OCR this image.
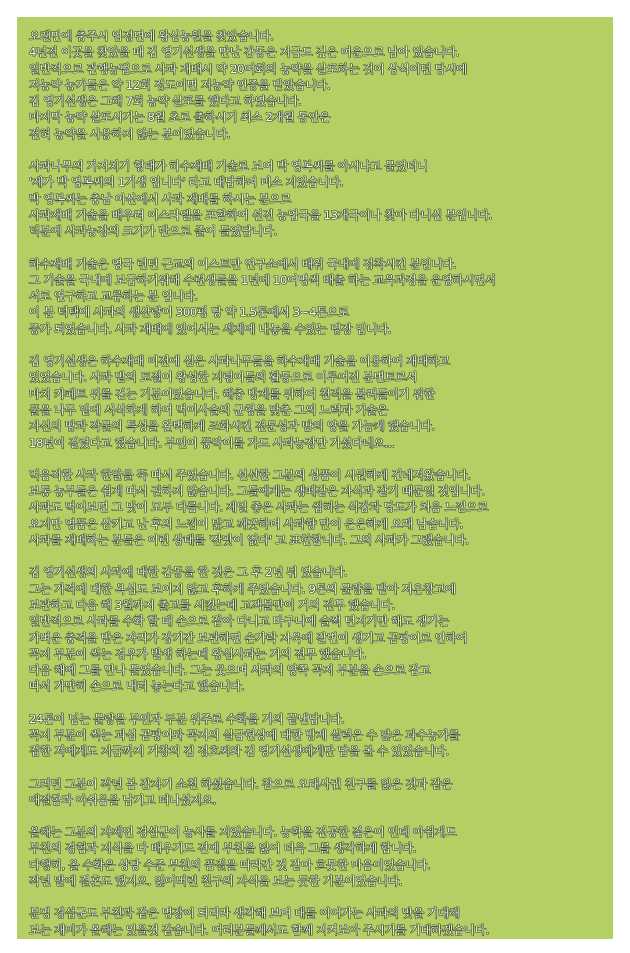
오랜만에 충주시 엄정면에 왕심농원을 찾았습니다.
4년전 이곳을 찾았을 때 김 영기선생을 만난 감동은 지금도 깊은 여운으로 남아 있습니다.
일반적으로 관행농법으로 사과 재배시 약 20여회의 농약을 살포하는 것이 상식이던 당시에
저농약 농가들은 약 12회 정도이면 저농약 인증을 받았습니다.
김 영기선생은 그해 7회 농약 살포를 했다고 하였습니다.
마지막 농약 살포시기는 8월 초로 출하시기 최소 2개월 동안은
전혀 농약을 사용하지 않는 분이였습니다.
사과나무의 가지치기 형태가 하수재배 기술로 보여 박 영복씨를 아시냐고 물었더니
'제가 박 영복씨의 1기생 입니다' 라고 대답하며 미소 지었습니다.
박 영복씨는 충남 아산에서 사과 재배를 하시는 분으로
사과재배 기술을 배우려 이스라엘을 포함하여 선진 농업국을 13개국이나 찾아 다니신 분입니다.
덕분에 사과농장의 크기가 반으로 줄어 들었답니다.
하수재배 기술은 영국 런던 근교의 이스트만 연구소에서 배워 국내에 정착시킨 분입니다.
그 기술을 국내에 보급하기위해 수련생들을 1년에 10여명씩 배출 하는 교육과정을 운영하시면서
서로 연구하고 교류하는 분 입니다.
이 분 덕택에 사과의 생산량이 300평 당 약 1.5톤에서 3~4톤으로
증가 되었습니다. 사과 재배에 있어서는 세계에 내놓을 수있는 명장 입니다.
김 영기선생은 하수재배 이전에 심은 사과나무들을 하수재배 기술을 이용하여 재배하고
있었습니다. 사과 밭의 토질이 왕성한 지렁이들의 활동으로 이루어진 분변토로서
마치 카페트 위를 걷는 기분이었습니다. 해충 방제를 위하여 천적을 불러들이기 위한
풀을 나무 밑에 서식하게 하여 먹이사슬의 균형을 맞춘 그의 노력과 기술은
자신의 땅과 작물의 특성을 완벽하게 조화시킨 전문성과 땀의 양을 가늠케 했습니다.
18년이 걸렸다고 했습니다. 부인이 풍악이를 가도 사과농장만 가셨다네요...
먹음직한 사과 한알을 뚝 따서 주었습니다. 선선한 그분의 성품이 시원하게 건네져왔습니다.
보통 농부들은 쉽게 따서 권하지 않습니다. 그들에게는 생떼같은 자식과 같기 때문일 것입니다.
사과도 먹어보면 그 맛이 모두 다릅니다. 제일 좋은 사과는 씹히는 식감과 당도가 처음 느낌으로
오지만 명품은 삼키고 난 후의 느낌이 맑고 깨끗하며 사과향 만이 은은하게 오래 남습니다.
사과를 재배하는 분들은 이런 상태를 '잔맛이 없다' 고 표현합니다. 그의 사과가 그랬습니다.
김 영기선생의 사과에 대한 감동을 한 것은 그 후 2년 뒤 였습니다.
그는 가격에 대한 욕심도 보이지 않고 후하게 주었습니다. 9톤의 물량을 받아 저온창고에
보관하고 다음 해 3월까지 출고를 시켰는데 고객불만이 거의 전무 했습니다.
일반적으로 사과를 수확 할 때 손으로 잡아 다니고 바구니에 슬쩍 던지기만 해도 생기는
가벼운 충격을 받은 자리가 장기간 보관하면 손가락 자욱에 갈변이 생기고 곰팡이로 인하여
꼭지 부분이 썩는 경우가 발생 하는데 왕심사과는 거의 전무 했습니다.
다음 해에 그를 만나 물었습니다. 그는 웃으며 사과의 양쪽 꼭지 부분을 손으로 잡고
따서 가만히 손으로 내려 놓는다고 했습니다.
24톤이 넘는 물량을 부인과 두분 위주로 수확을 거의 끝낸답니다.
꼭지 부분이 썩는 과심 곰팡이와 꼭지의 실금현상에 대한 방제 실력은 수 많은 과수농가를
접한 저에게도 지금까지 거창의 김 정호씨와 김 영기선생에게만 답을 볼 수 있었습니다.
그러던 그분이 작년 봄 갑자기 소천 하셨습니다. 참으로 오래사귄 친구를 잃은 것과 같은
애절함과 아쉬움을 남기고 떠나셨지요.
올해는 그분의 자제인 경섭군이 농사를 지었습니다. 농학을 전공한 젊은이 인데 아쉽게도
부친의 경험과 지식을 다 배우기도 전에 부친을 잃어 더욱 그를 생각하게 합니다.
다행히, 올 수확은 상당 수준 부친의 품질을 따라간 것 같아 흐뭇한 마음이었습니다.
작년 말에 결혼도 했지요. 잃어버린 친구의 자식을 보는 듯한 기분이었습니다.
분명 경섭군도 부친과 같은 명장이 되리라 생각해 보며 대를 이어가는 사과의 맛을 기대해
보는 재미가 올해는 있을것 같습니다. 여러분들께서도 함께 지켜보아 주시기를 기대하겠습니다.
